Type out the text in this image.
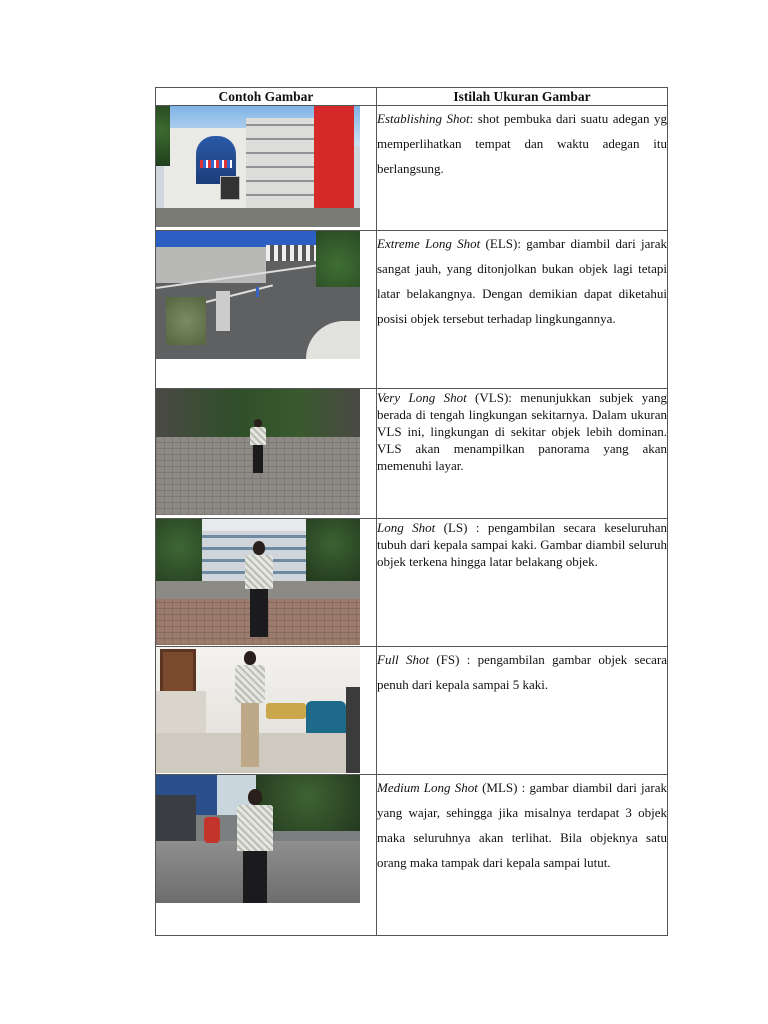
Contoh Gambar	Istilah Ukuran Gambar

	Establishing Shot: shot pembuka dari suatu adegan yg memperlihatkan tempat dan waktu adegan itu berlangsung.

	Extreme Long Shot (ELS): gambar diambil dari jarak sangat jauh, yang ditonjolkan bukan objek lagi tetapi latar belakangnya. Dengan demikian dapat diketahui posisi objek tersebut terhadap lingkungannya.

	Very Long Shot (VLS): menunjukkan subjek yang berada di tengah lingkungan sekitarnya. Dalam ukuran VLS ini, lingkungan di sekitar objek lebih dominan. VLS akan menampilkan panorama yang akan memenuhi layar.

	Long Shot (LS) : pengambilan secara keseluruhan tubuh dari kepala sampai kaki. Gambar diambil seluruh objek terkena hingga latar belakang objek.

	Full Shot (FS) : pengambilan gambar objek secara penuh dari kepala sampai 5 kaki.

	Medium Long Shot (MLS) : gambar diambil dari jarak yang wajar, sehingga jika misalnya terdapat 3 objek maka seluruhnya akan terlihat. Bila objeknya satu orang maka tampak dari kepala sampai lutut.
